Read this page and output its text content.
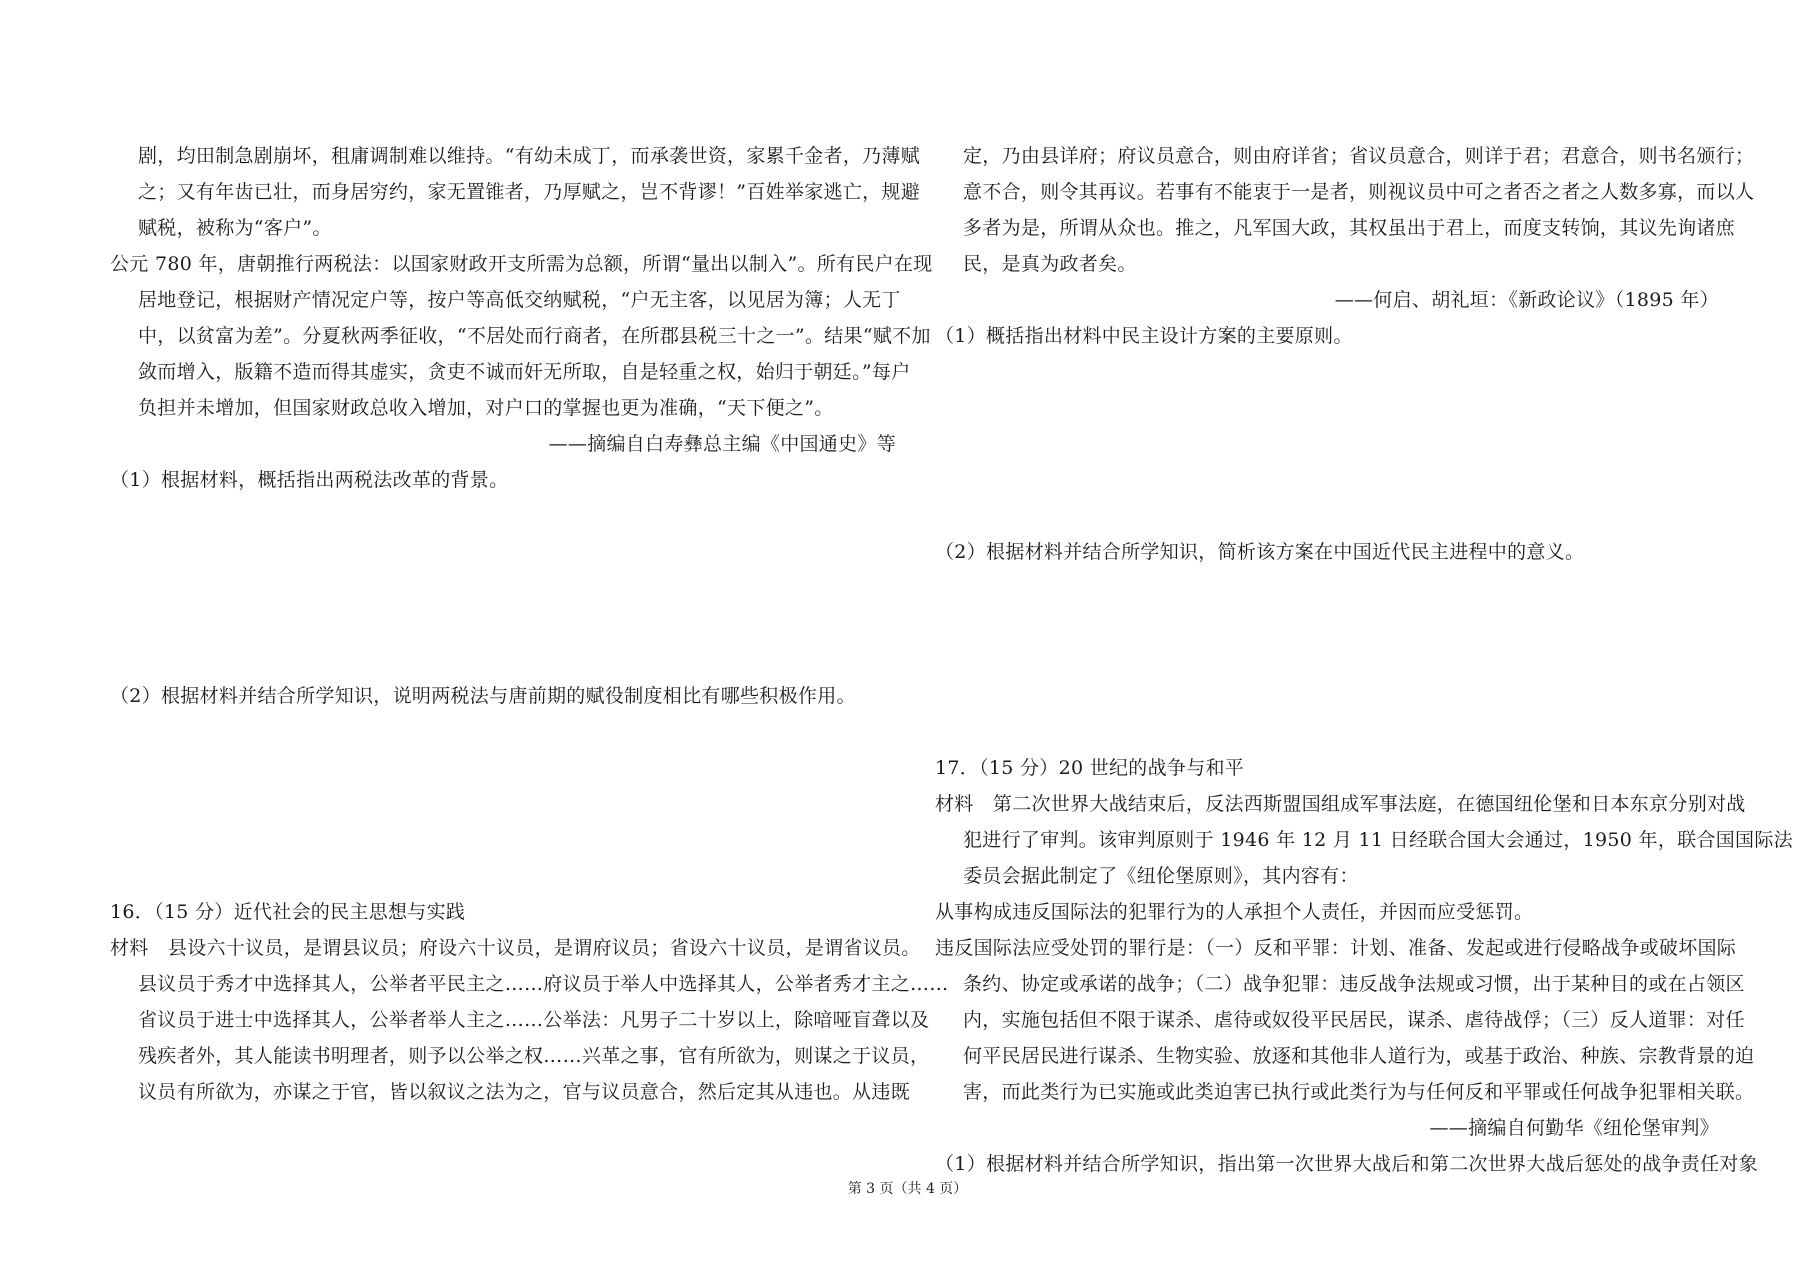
剧，均田制急剧崩坏，租庸调制难以维持。“有幼未成丁，而承袭世资，家累千金者，乃薄赋
之；又有年齿已壮，而身居穷约，家无置锥者，乃厚赋之，岂不背谬！”百姓举家逃亡，规避
赋税，被称为“客户”。
公元 780 年，唐朝推行两税法：以国家财政开支所需为总额，所谓“量出以制入”。所有民户在现
居地登记，根据财产情况定户等，按户等高低交纳赋税，“户无主客，以见居为簿；人无丁
中，以贫富为差”。分夏秋两季征收，“不居处而行商者，在所郡县税三十之一”。结果“赋不加
敛而增入，版籍不造而得其虚实，贪吏不诚而奸无所取，自是轻重之权，始归于朝廷。”每户
负担并未增加，但国家财政总收入增加，对户口的掌握也更为准确，“天下便之”。
——摘编自白寿彝总主编《中国通史》等
（1）根据材料，概括指出两税法改革的背景。
（2）根据材料并结合所学知识，说明两税法与唐前期的赋役制度相比有哪些积极作用。
16．（15 分）近代社会的民主思想与实践
材料　县设六十议员，是谓县议员；府设六十议员，是谓府议员；省设六十议员，是谓省议员。
县议员于秀才中选择其人，公举者平民主之……府议员于举人中选择其人，公举者秀才主之……
省议员于进士中选择其人，公举者举人主之……公举法：凡男子二十岁以上，除喑哑盲聋以及
残疾者外，其人能读书明理者，则予以公举之权……兴革之事，官有所欲为，则谋之于议员，
议员有所欲为，亦谋之于官，皆以叙议之法为之，官与议员意合，然后定其从违也。从违既
定，乃由县详府；府议员意合，则由府详省；省议员意合，则详于君；君意合，则书名颁行；
意不合，则令其再议。若事有不能衷于一是者，则视议员中可之者否之者之人数多寡，而以人
多者为是，所谓从众也。推之，凡军国大政，其权虽出于君上，而度支转饷，其议先询诸庶
民，是真为政者矣。
——何启、胡礼垣：《新政论议》（1895 年）
（1）概括指出材料中民主设计方案的主要原则。
（2）根据材料并结合所学知识，简析该方案在中国近代民主进程中的意义。
17．（15 分）20 世纪的战争与和平
材料　第二次世界大战结束后，反法西斯盟国组成军事法庭，在德国纽伦堡和日本东京分别对战
犯进行了审判。该审判原则于 1946 年 12 月 11 日经联合国大会通过，1950 年，联合国国际法
委员会据此制定了《纽伦堡原则》，其内容有：
从事构成违反国际法的犯罪行为的人承担个人责任，并因而应受惩罚。
违反国际法应受处罚的罪行是：（一）反和平罪：计划、准备、发起或进行侵略战争或破坏国际
条约、协定或承诺的战争；（二）战争犯罪：违反战争法规或习惯，出于某种目的或在占领区
内，实施包括但不限于谋杀、虐待或奴役平民居民，谋杀、虐待战俘；（三）反人道罪：对任
何平民居民进行谋杀、生物实验、放逐和其他非人道行为，或基于政治、种族、宗教背景的迫
害，而此类行为已实施或此类迫害已执行或此类行为与任何反和平罪或任何战争犯罪相关联。
——摘编自何勤华《纽伦堡审判》
（1）根据材料并结合所学知识，指出第一次世界大战后和第二次世界大战后惩处的战争责任对象
第 3 页（共 4 页）
